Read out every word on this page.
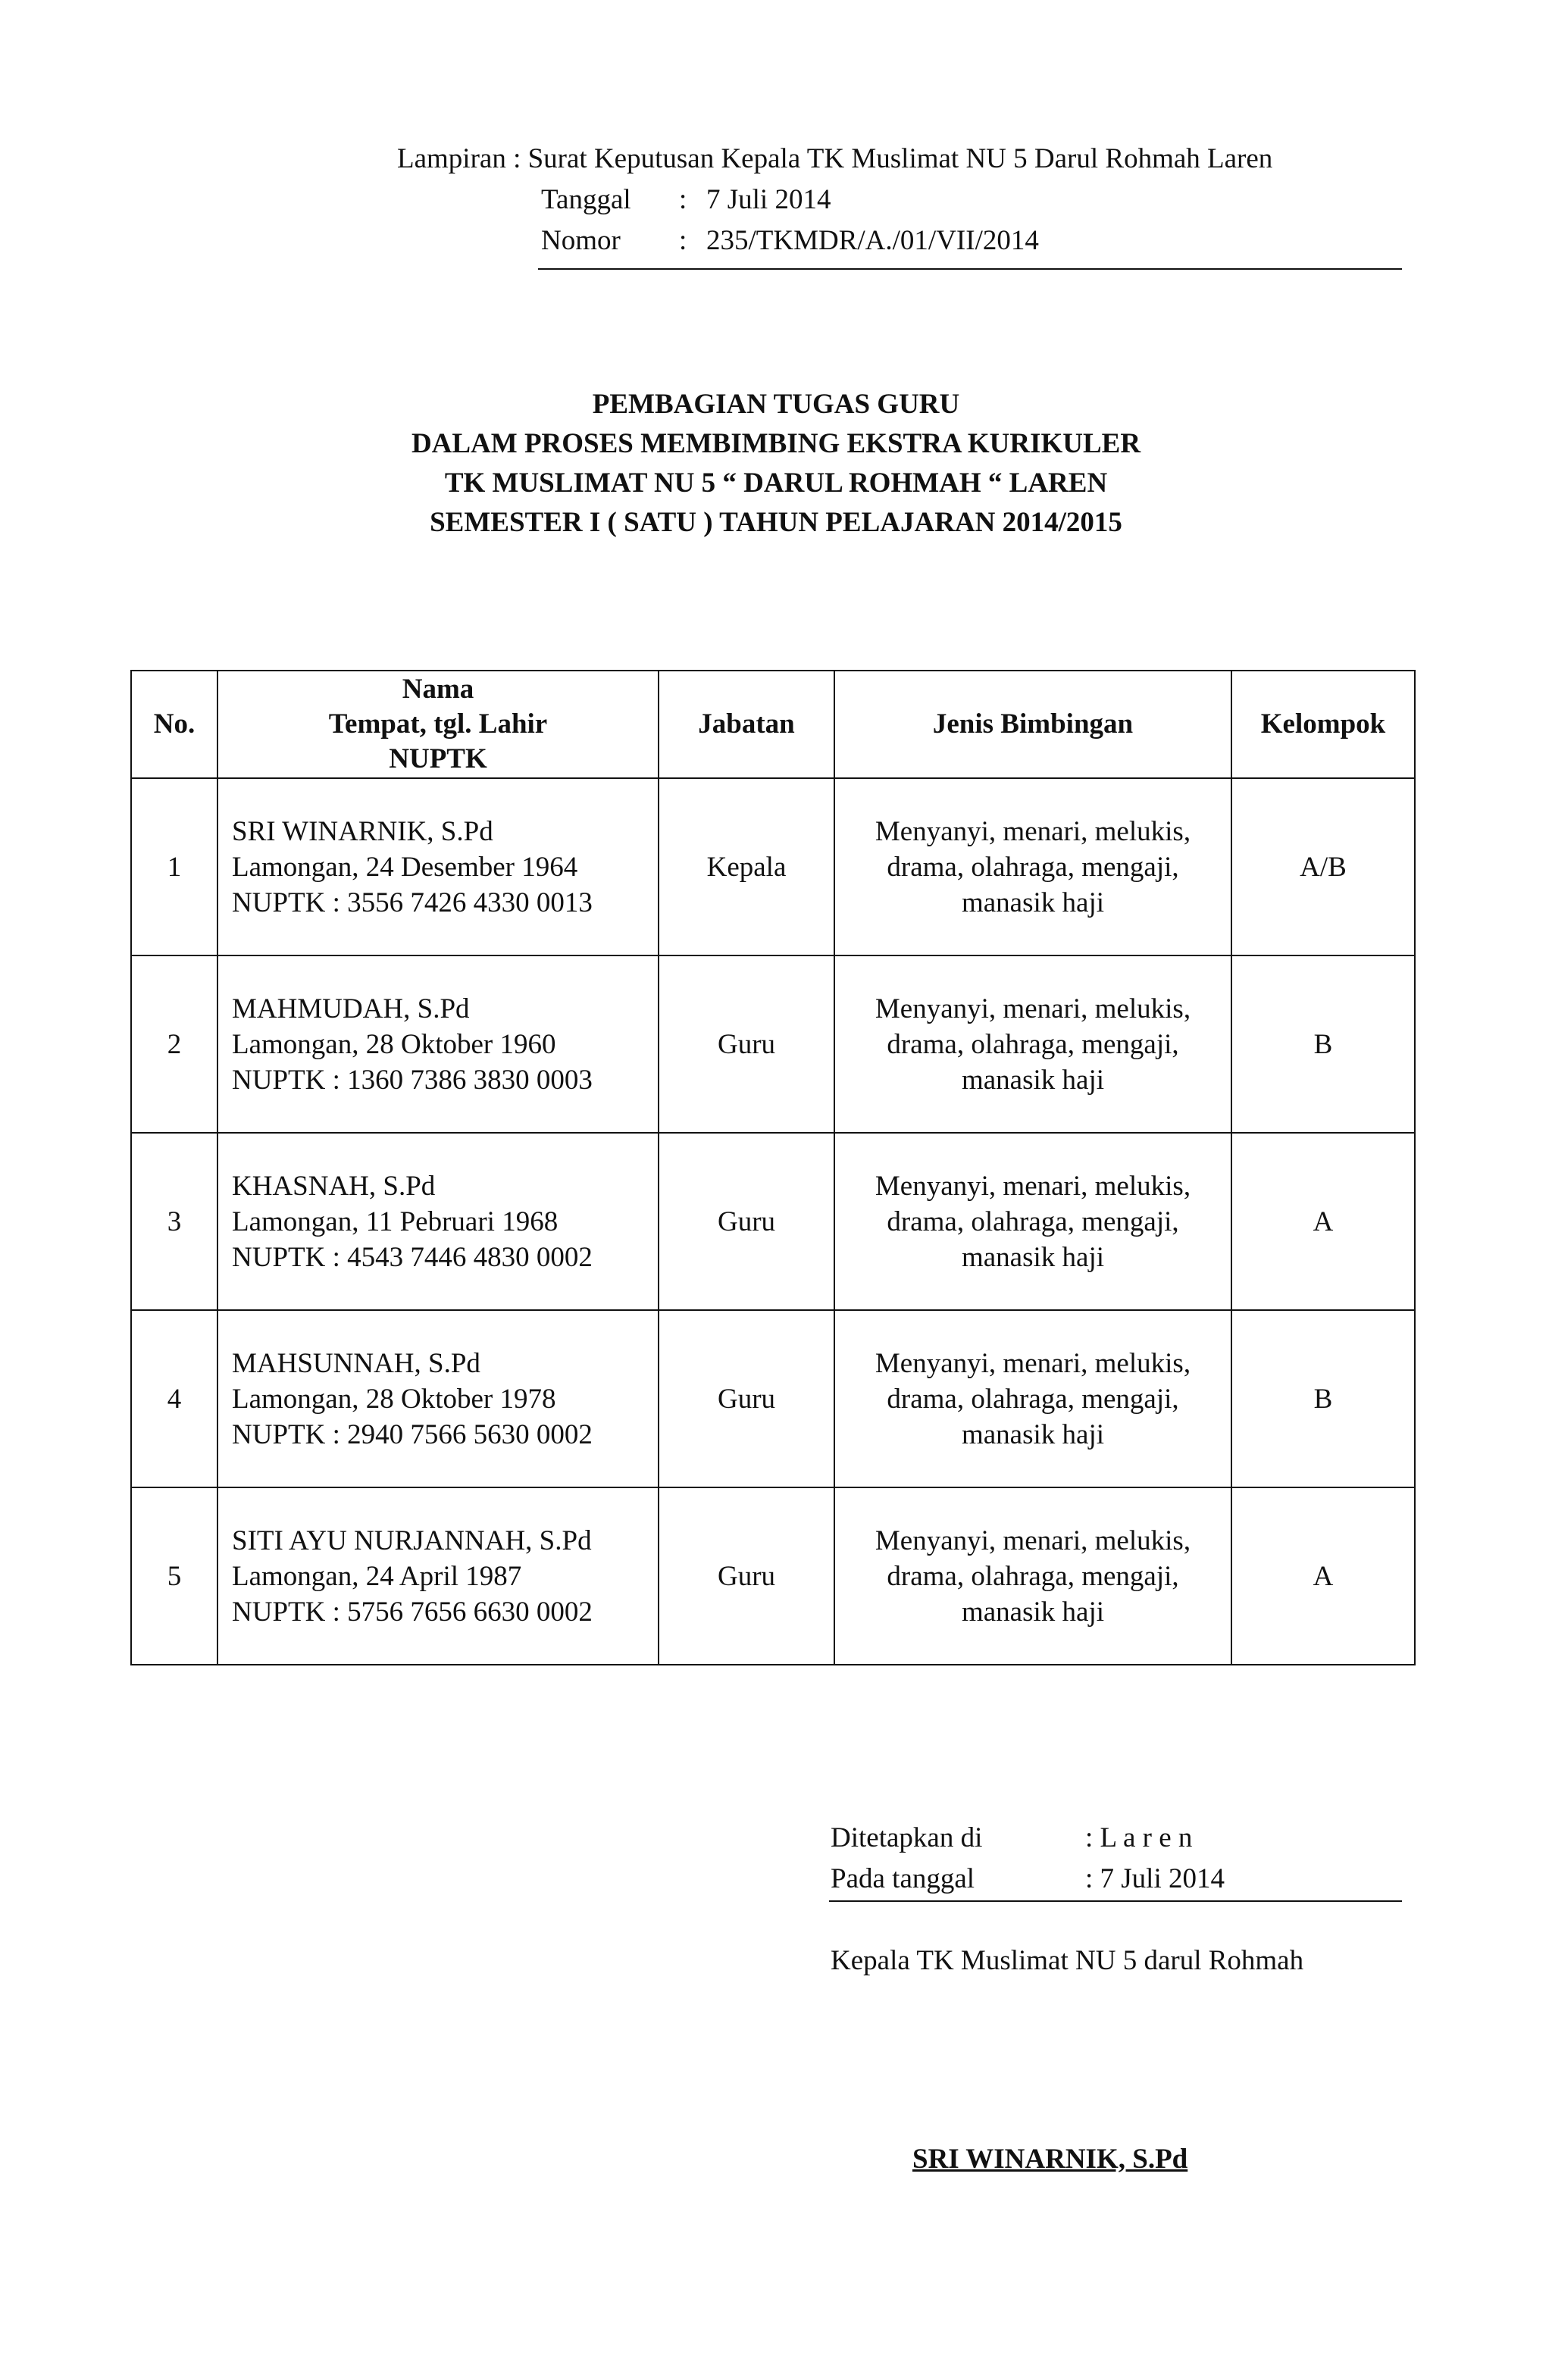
Lampiran : Surat Keputusan Kepala TK Muslimat NU 5 Darul Rohmah Laren
Tanggal : 7 Juli 2014
Nomor : 235/TKMDR/A./01/VII/2014
PEMBAGIAN TUGAS GURU
DALAM PROSES MEMBIMBING EKSTRA KURIKULER
TK MUSLIMAT NU 5 “ DARUL ROHMAH “ LAREN
SEMESTER I ( SATU ) TAHUN PELAJARAN 2014/2015
No.	Nama
Tempat, tgl. Lahir
NUPTK	Jabatan	Jenis Bimbingan	Kelompok
1	SRI WINARNIK, S.Pd
Lamongan, 24 Desember 1964
NUPTK : 3556 7426 4330 0013	Kepala	Menyanyi, menari, melukis,
drama, olahraga, mengaji,
manasik haji	A/B
2	MAHMUDAH, S.Pd
Lamongan, 28 Oktober 1960
NUPTK : 1360 7386 3830 0003	Guru	Menyanyi, menari, melukis,
drama, olahraga, mengaji,
manasik haji	B
3	KHASNAH, S.Pd
Lamongan, 11 Pebruari 1968
NUPTK : 4543 7446 4830 0002	Guru	Menyanyi, menari, melukis,
drama, olahraga, mengaji,
manasik haji	A
4	MAHSUNNAH, S.Pd
Lamongan, 28 Oktober 1978
NUPTK : 2940 7566 5630 0002	Guru	Menyanyi, menari, melukis,
drama, olahraga, mengaji,
manasik haji	B
5	SITI AYU NURJANNAH, S.Pd
Lamongan, 24 April 1987
NUPTK : 5756 7656 6630 0002	Guru	Menyanyi, menari, melukis,
drama, olahraga, mengaji,
manasik haji	A
Ditetapkan di	: L a r e n
Pada tanggal	: 7 Juli 2014
Kepala TK Muslimat NU 5 darul Rohmah
SRI WINARNIK, S.Pd
